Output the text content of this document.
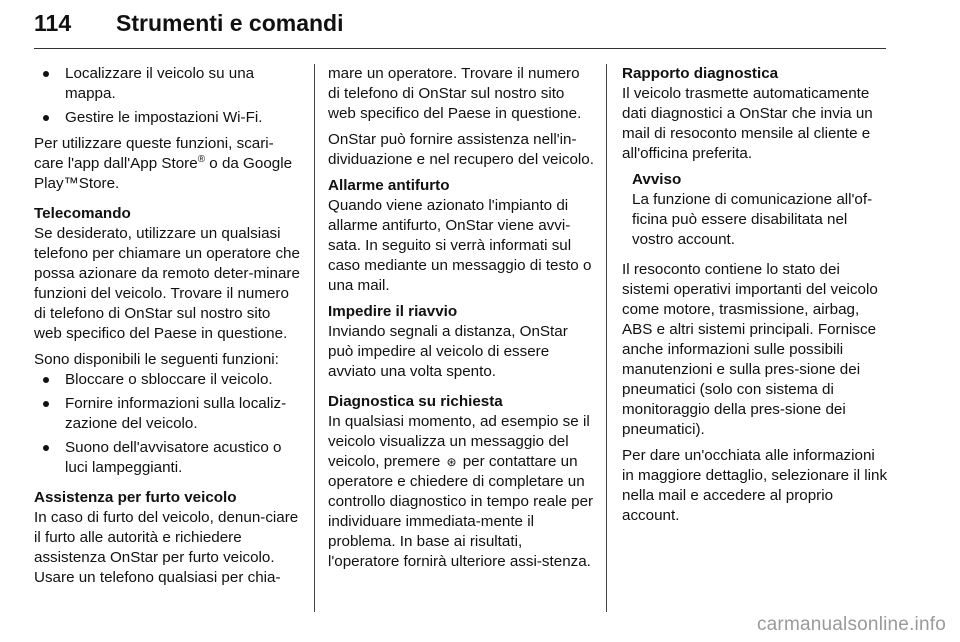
114 Strumenti e comandi
Localizzare il veicolo su una mappa.
Gestire le impostazioni Wi-Fi.

Per utilizzare queste funzioni, scari-care l'app dall'App Store® o da Google Play™Store.

Telecomando

Se desiderato, utilizzare un qualsiasi telefono per chiamare un operatore che possa azionare da remoto deter-minare funzioni del veicolo. Trovare il numero di telefono di OnStar sul nostro sito web specifico del Paese in questione.

Sono disponibili le seguenti funzioni:

Bloccare o sbloccare il veicolo.
Fornire informazioni sulla localiz-zazione del veicolo.
Suono dell'avvisatore acustico o luci lampeggianti.

Assistenza per furto veicolo

In caso di furto del veicolo, denun-ciare il furto alle autorità e richiedere assistenza OnStar per furto veicolo. Usare un telefono qualsiasi per chia-

mare un operatore. Trovare il numero di telefono di OnStar sul nostro sito web specifico del Paese in questione.

OnStar può fornire assistenza nell'in-dividuazione e nel recupero del veicolo.

Allarme antifurto

Quando viene azionato l'impianto di allarme antifurto, OnStar viene avvi-sata. In seguito si verrà informati sul caso mediante un messaggio di testo o una mail.

Impedire il riavvio

Inviando segnali a distanza, OnStar può impedire al veicolo di essere avviato una volta spento.

Diagnostica su richiesta

In qualsiasi momento, ad esempio se il veicolo visualizza un messaggio del veicolo, premere ⊛ per contattare un operatore e chiedere di completare un controllo diagnostico in tempo reale per individuare immediata-mente il problema. In base ai risultati, l'operatore fornirà ulteriore assi-stenza.

Rapporto diagnostica

Il veicolo trasmette automaticamente dati diagnostici a OnStar che invia un mail di resoconto mensile al cliente e all'officina preferita.

Avviso
La funzione di comunicazione all'of-ficina può essere disabilitata nel vostro account.

Il resoconto contiene lo stato dei sistemi operativi importanti del veicolo come motore, trasmissione, airbag, ABS e altri sistemi principali. Fornisce anche informazioni sulle possibili manutenzioni e sulla pres-sione dei pneumatici (solo con sistema di monitoraggio della pres-sione dei pneumatici).

Per dare un'occhiata alle informazioni in maggiore dettaglio, selezionare il link nella mail e accedere al proprio account.

carmanualsonline.info
